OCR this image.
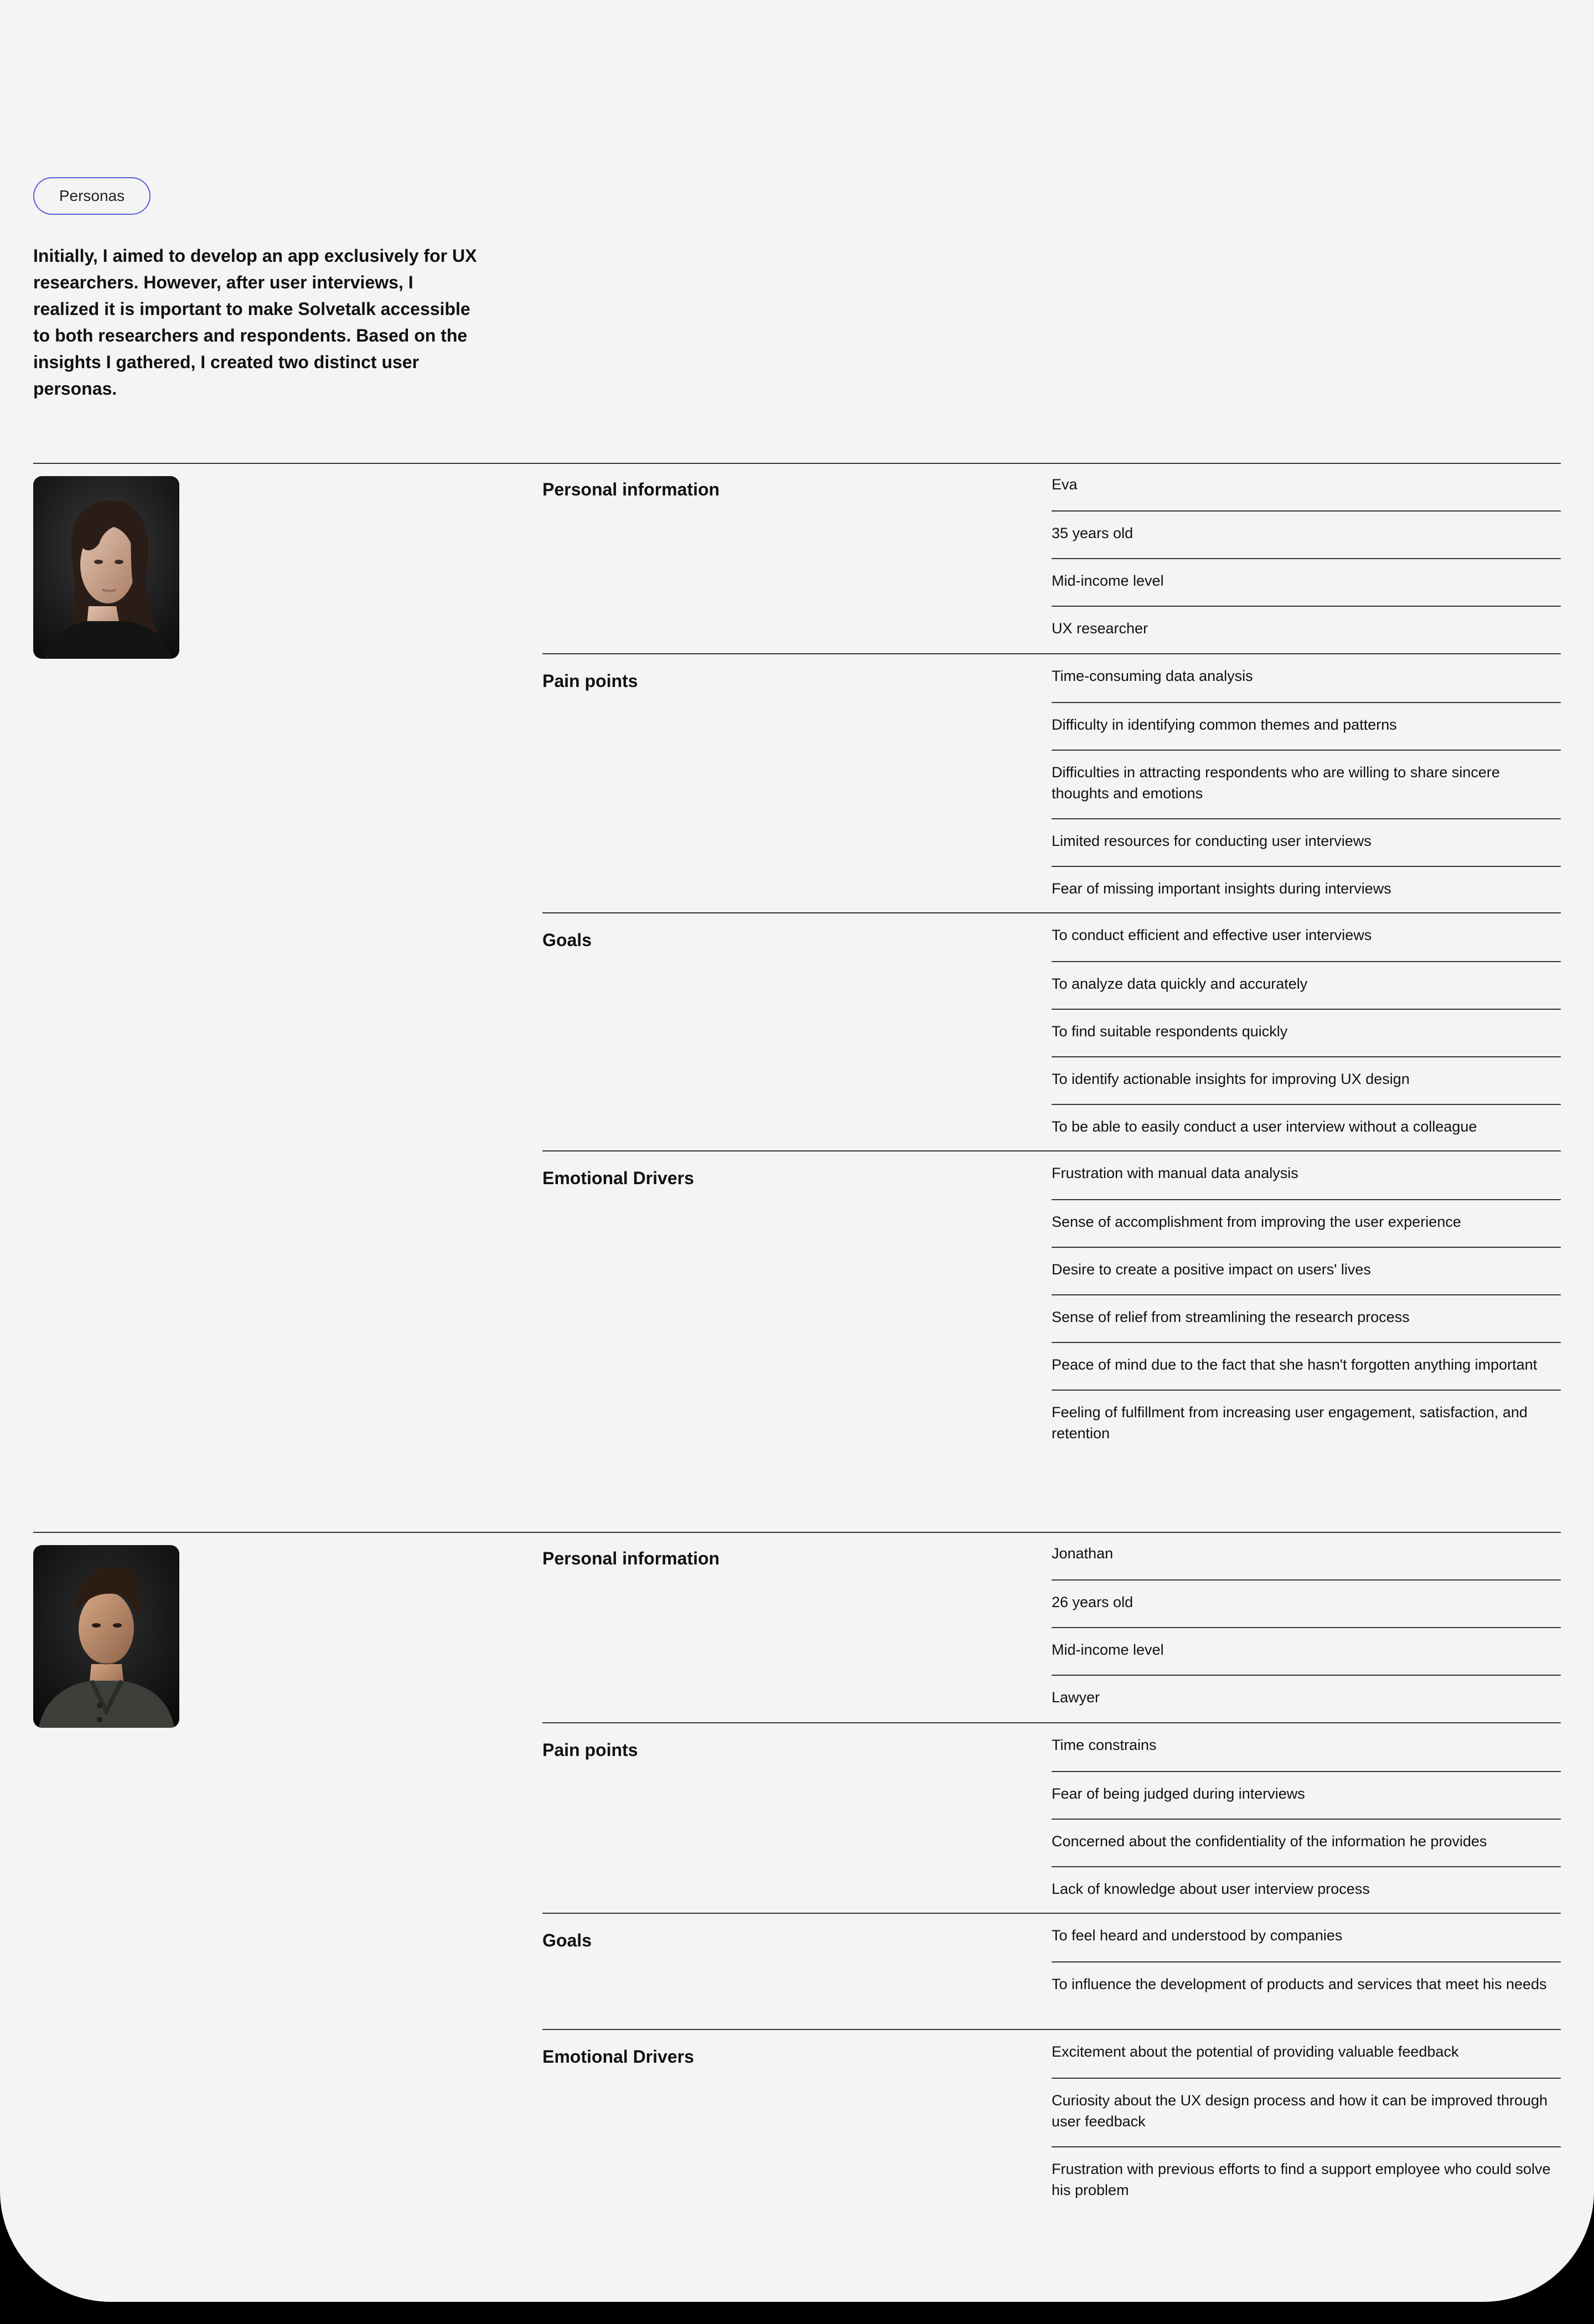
Personas

Initially, I aimed to develop an app exclusively for UX researchers. However, after user interviews, I realized it is important to make Solvetalk accessible to both researchers and respondents. Based on the insights I gathered, I created two distinct user personas.

Personal information	Eva
35 years old
Mid-income level
UX researcher
Pain points	Time-consuming data analysis
Difficulty in identifying common themes and patterns
Difficulties in attracting respondents who are willing to share sincere thoughts and emotions
Limited resources for conducting user interviews
Fear of missing important insights during interviews
Goals	To conduct efficient and effective user interviews
To analyze data quickly and accurately
To find suitable respondents quickly
To identify actionable insights for improving UX design
To be able to easily conduct a user interview without a colleague
Emotional Drivers	Frustration with manual data analysis
Sense of accomplishment from improving the user experience
Desire to create a positive impact on users' lives
Sense of relief from streamlining the research process
Peace of mind due to the fact that she hasn't forgotten anything important
Feeling of fulfillment from increasing user engagement, satisfaction, and retention
Personal information	Jonathan
26 years old
Mid-income level
Lawyer
Pain points	Time constrains
Fear of being judged during interviews
Concerned about the confidentiality of the information he provides
Lack of knowledge about user interview process
Goals	To feel heard and understood by companies
To influence the development of products and services that meet his needs
Emotional Drivers	Excitement about the potential of providing valuable feedback
Curiosity about the UX design process and how it can be improved through user feedback
Frustration with previous efforts to find a support employee who could solve his problem
